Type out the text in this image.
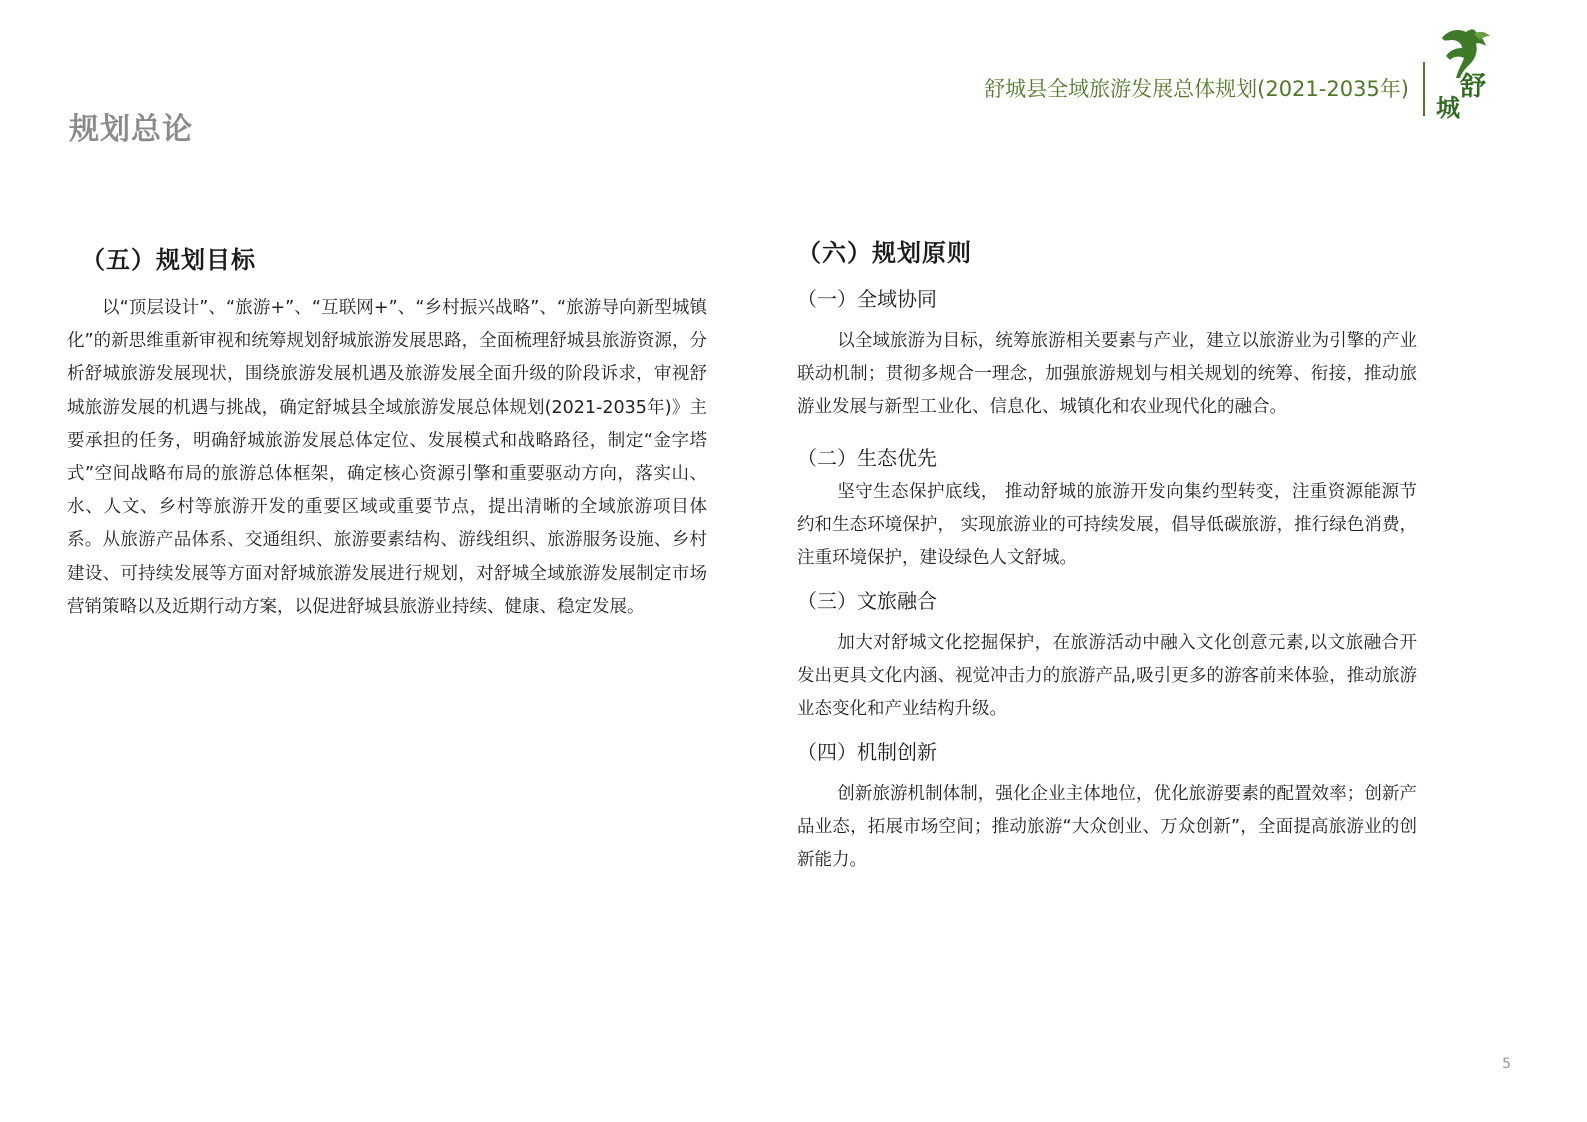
规划总论
舒城县全域旅游发展总体规划(2021-2035年) 舒
城
（五）规划目标

以“顶层设计”、“旅游+”、“互联网+”、“乡村振兴战略”、“旅游导向新型城镇化”的新思维重新审视和统筹规划舒城旅游发展思路，全面梳理舒城县旅游资源，分析舒城旅游发展现状，围绕旅游发展机遇及旅游发展全面升级的阶段诉求，审视舒城旅游发展的机遇与挑战，确定舒城县全域旅游发展总体规划(2021-2035年)》主要承担的任务，明确舒城旅游发展总体定位、发展模式和战略路径，制定“金字塔式”空间战略布局的旅游总体框架，确定核心资源引擎和重要驱动方向，落实山、水、人文、乡村等旅游开发的重要区域或重要节点，提出清晰的全域旅游项目体系。从旅游产品体系、交通组织、旅游要素结构、游线组织、旅游服务设施、乡村建设、可持续发展等方面对舒城旅游发展进行规划，对舒城全域旅游发展制定市场营销策略以及近期行动方案，以促进舒城县旅游业持续、健康、稳定发展。

（六）规划原则
（一）全域协同

以全域旅游为目标，统筹旅游相关要素与产业，建立以旅游业为引擎的产业联动机制；贯彻多规合一理念，加强旅游规划与相关规划的统筹、衔接，推动旅游业发展与新型工业化、信息化、城镇化和农业现代化的融合。

（二）生态优先

坚守生态保护底线， 推动舒城的旅游开发向集约型转变，注重资源能源节约和生态环境保护， 实现旅游业的可持续发展，倡导低碳旅游，推行绿色消费，注重环境保护，建设绿色人文舒城。

（三）文旅融合

加大对舒城文化挖掘保护，在旅游活动中融入文化创意元素,以文旅融合开发出更具文化内涵、视觉冲击力的旅游产品,吸引更多的游客前来体验，推动旅游业态变化和产业结构升级。

（四）机制创新

创新旅游机制体制，强化企业主体地位，优化旅游要素的配置效率；创新产品业态，拓展市场空间；推动旅游“大众创业、万众创新”，全面提高旅游业的创新能力。

5
